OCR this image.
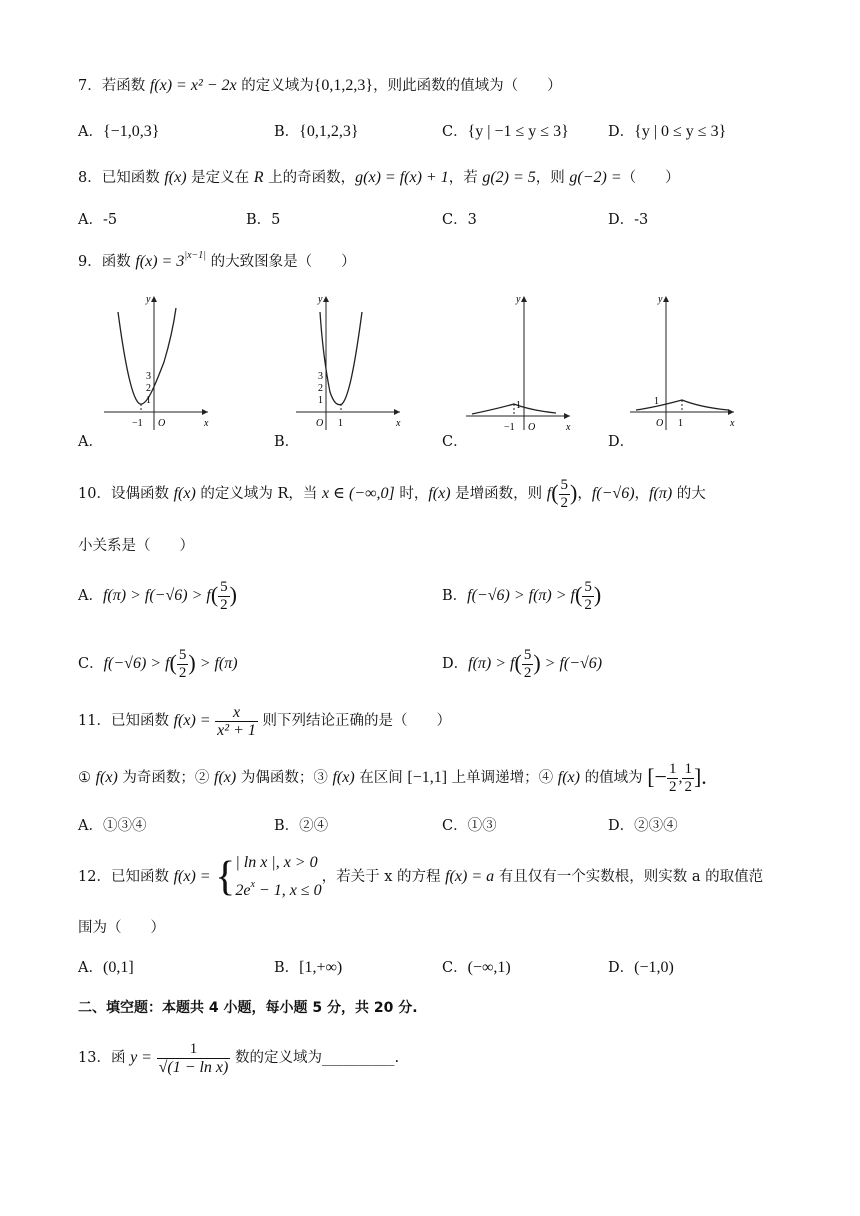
7．若函数 f(x) = x² − 2x 的定义域为{0,1,2,3}，则此函数的值域为（　　）
A．{−1,0,3}	B．{0,1,2,3}	C．{y | −1 ≤ y ≤ 3}	D．{y | 0 ≤ y ≤ 3}
8．已知函数 f(x) 是定义在 R 上的奇函数，g(x) = f(x) + 1，若 g(2) = 5，则 g(−2) =（　　）
A．-5	B．5	C．3	D．-3
9．函数 $f(x) = 3^{|x-1|}$ 的大致图象是（　　）
y
x
O
−1
3
2
1
A．
y
x
O 1
3
2
1
B．
y
x
O
−1
1
C．
y
x
O 1
1
D．
10．设偶函数 f(x) 的定义域为 R，当 x ∈ (−∞,0] 时，f(x) 是增函数，则 $f( \frac{5}{2}$ )，f(−√6)，f(π) 的大
小关系是（　　）
A．$f(\pi) > f(-√6) > f( \frac{5}{2}$ )	B．$f(-√6) > f(\pi) > f( \frac{5}{2}$ )
C．$f(-√6) > f( \frac{5}{2}$ ) > f(π)	D．$f(\pi) > f( \frac{5}{2}$ ) > f(−√6)
11．已知函数 $f(x) = \frac{x}{\text{x² + 1}}$ 则下列结论正确的是（　　）
① f(x) 为奇函数；② f(x) 为偶函数；③ f(x) 在区间 [−1,1] 上单调递增；④ f(x) 的值域为 [− $\frac{1}{2}$ , $\frac{1}{2}$ ].
A．①③④	B．②④	C．①③	D．②③④
12．已知函数 f(x) = { | ln x |, x > 0
$2e^x - 1$, x ≤ 0
，若关于 x 的方程 f(x) = a 有且仅有一个实数根，则实数 a 的取值范
围为（　　）
A．(0,1]	B．[1,+∞)	C．(−∞,1)	D．(−1,0)
二、填空题：本题共 4 小题，每小题 5 分，共 20 分.
13．函 $y = \frac{1}{\text{√(1 − ln x)}}$ 数的定义域为__________.
